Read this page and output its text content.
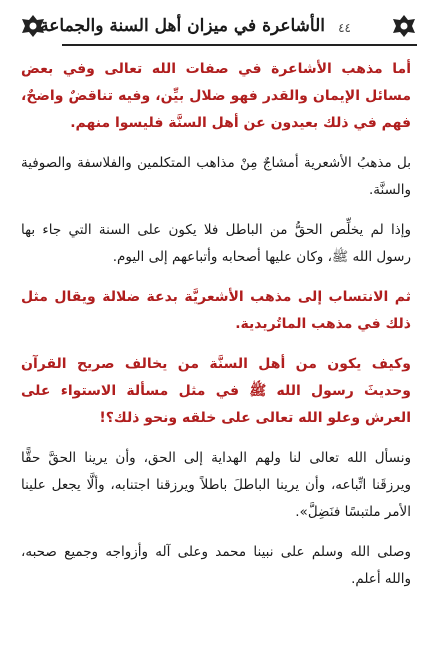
٤٤
الأشاعرة في ميزان أهل السنة والجماعة

أما مذهب الأشاعرة في صفات الله تعالى وفي بعض مسائل الإيمان والقدر فهو ضلال بيِّن، وفيه تناقضٌ واضحٌ، فهم في ذلك بعيدون عن أهل السنَّة فليسوا منهم.

بل مذهبُ الأشعرية أمشاجٌ مِنْ مذاهب المتكلمين والفلاسفة والصوفية والسنَّة.

وإذا لم يخلِّص الحقُّ من الباطل فلا يكون على السنة التي جاء بها رسول الله ﷺ، وكان عليها أصحابه وأتباعهم إلى اليوم.

ثم الانتساب إلى مذهب الأشعريَّة بدعة ضلالة ويقال مثل ذلك في مذهب الماتُريدية.

وكيف يكون من أهل السنَّة من يخالف صريح القرآن وحديثَ رسول الله ﷺ في مثل مسألة الاستواء على العرش وعلو الله تعالى على خلقه ونحو ذلك؟!

ونسأل الله تعالى لنا ولهم الهداية إلى الحق، وأن يرينا الحقَّ حقًّا ويرزقَنا اتِّباعه، وأن يرينا الباطلَ باطلاً ويرزقنا اجتنابه، وألَّا يجعل علينا الأمر ملتبسًا فنَضِلَّ».

وصلى الله وسلم على نبينا محمد وعلى آله وأزواجه وجميع صحبه، والله أعلم.
